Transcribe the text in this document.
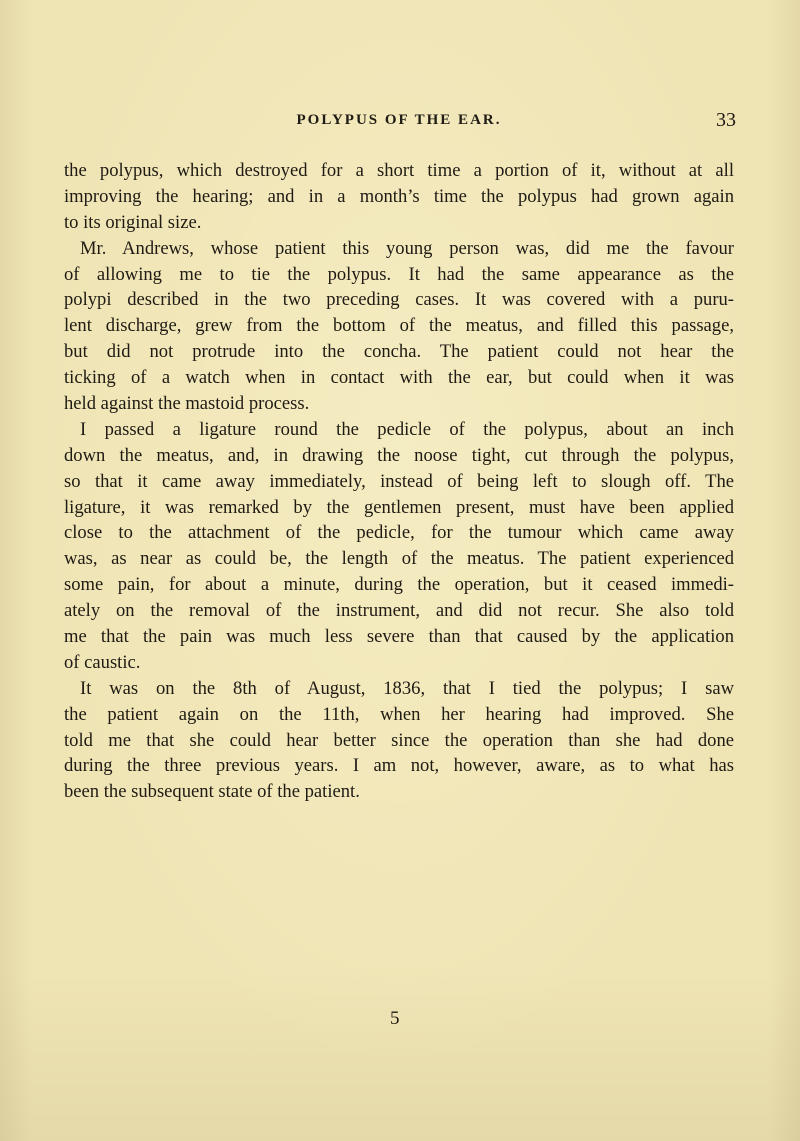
POLYPUS OF THE EAR.	33
the polypus, which destroyed for a short time a portion of it, without at all
improving the hearing; and in a month’s time the polypus had grown again
to its original size.
Mr. Andrews, whose patient this young person was, did me the favour
of allowing me to tie the polypus. It had the same appearance as the
polypi described in the two preceding cases. It was covered with a puru-
lent discharge, grew from the bottom of the meatus, and filled this passage,
but did not protrude into the concha. The patient could not hear the
ticking of a watch when in contact with the ear, but could when it was
held against the mastoid process.
I passed a ligature round the pedicle of the polypus, about an inch
down the meatus, and, in drawing the noose tight, cut through the polypus,
so that it came away immediately, instead of being left to slough off. The
ligature, it was remarked by the gentlemen present, must have been applied
close to the attachment of the pedicle, for the tumour which came away
was, as near as could be, the length of the meatus. The patient experienced
some pain, for about a minute, during the operation, but it ceased immedi-
ately on the removal of the instrument, and did not recur. She also told
me that the pain was much less severe than that caused by the application
of caustic.
It was on the 8th of August, 1836, that I tied the polypus; I saw
the patient again on the 11th, when her hearing had improved. She
told me that she could hear better since the operation than she had done
during the three previous years. I am not, however, aware, as to what has
been the subsequent state of the patient.
5
